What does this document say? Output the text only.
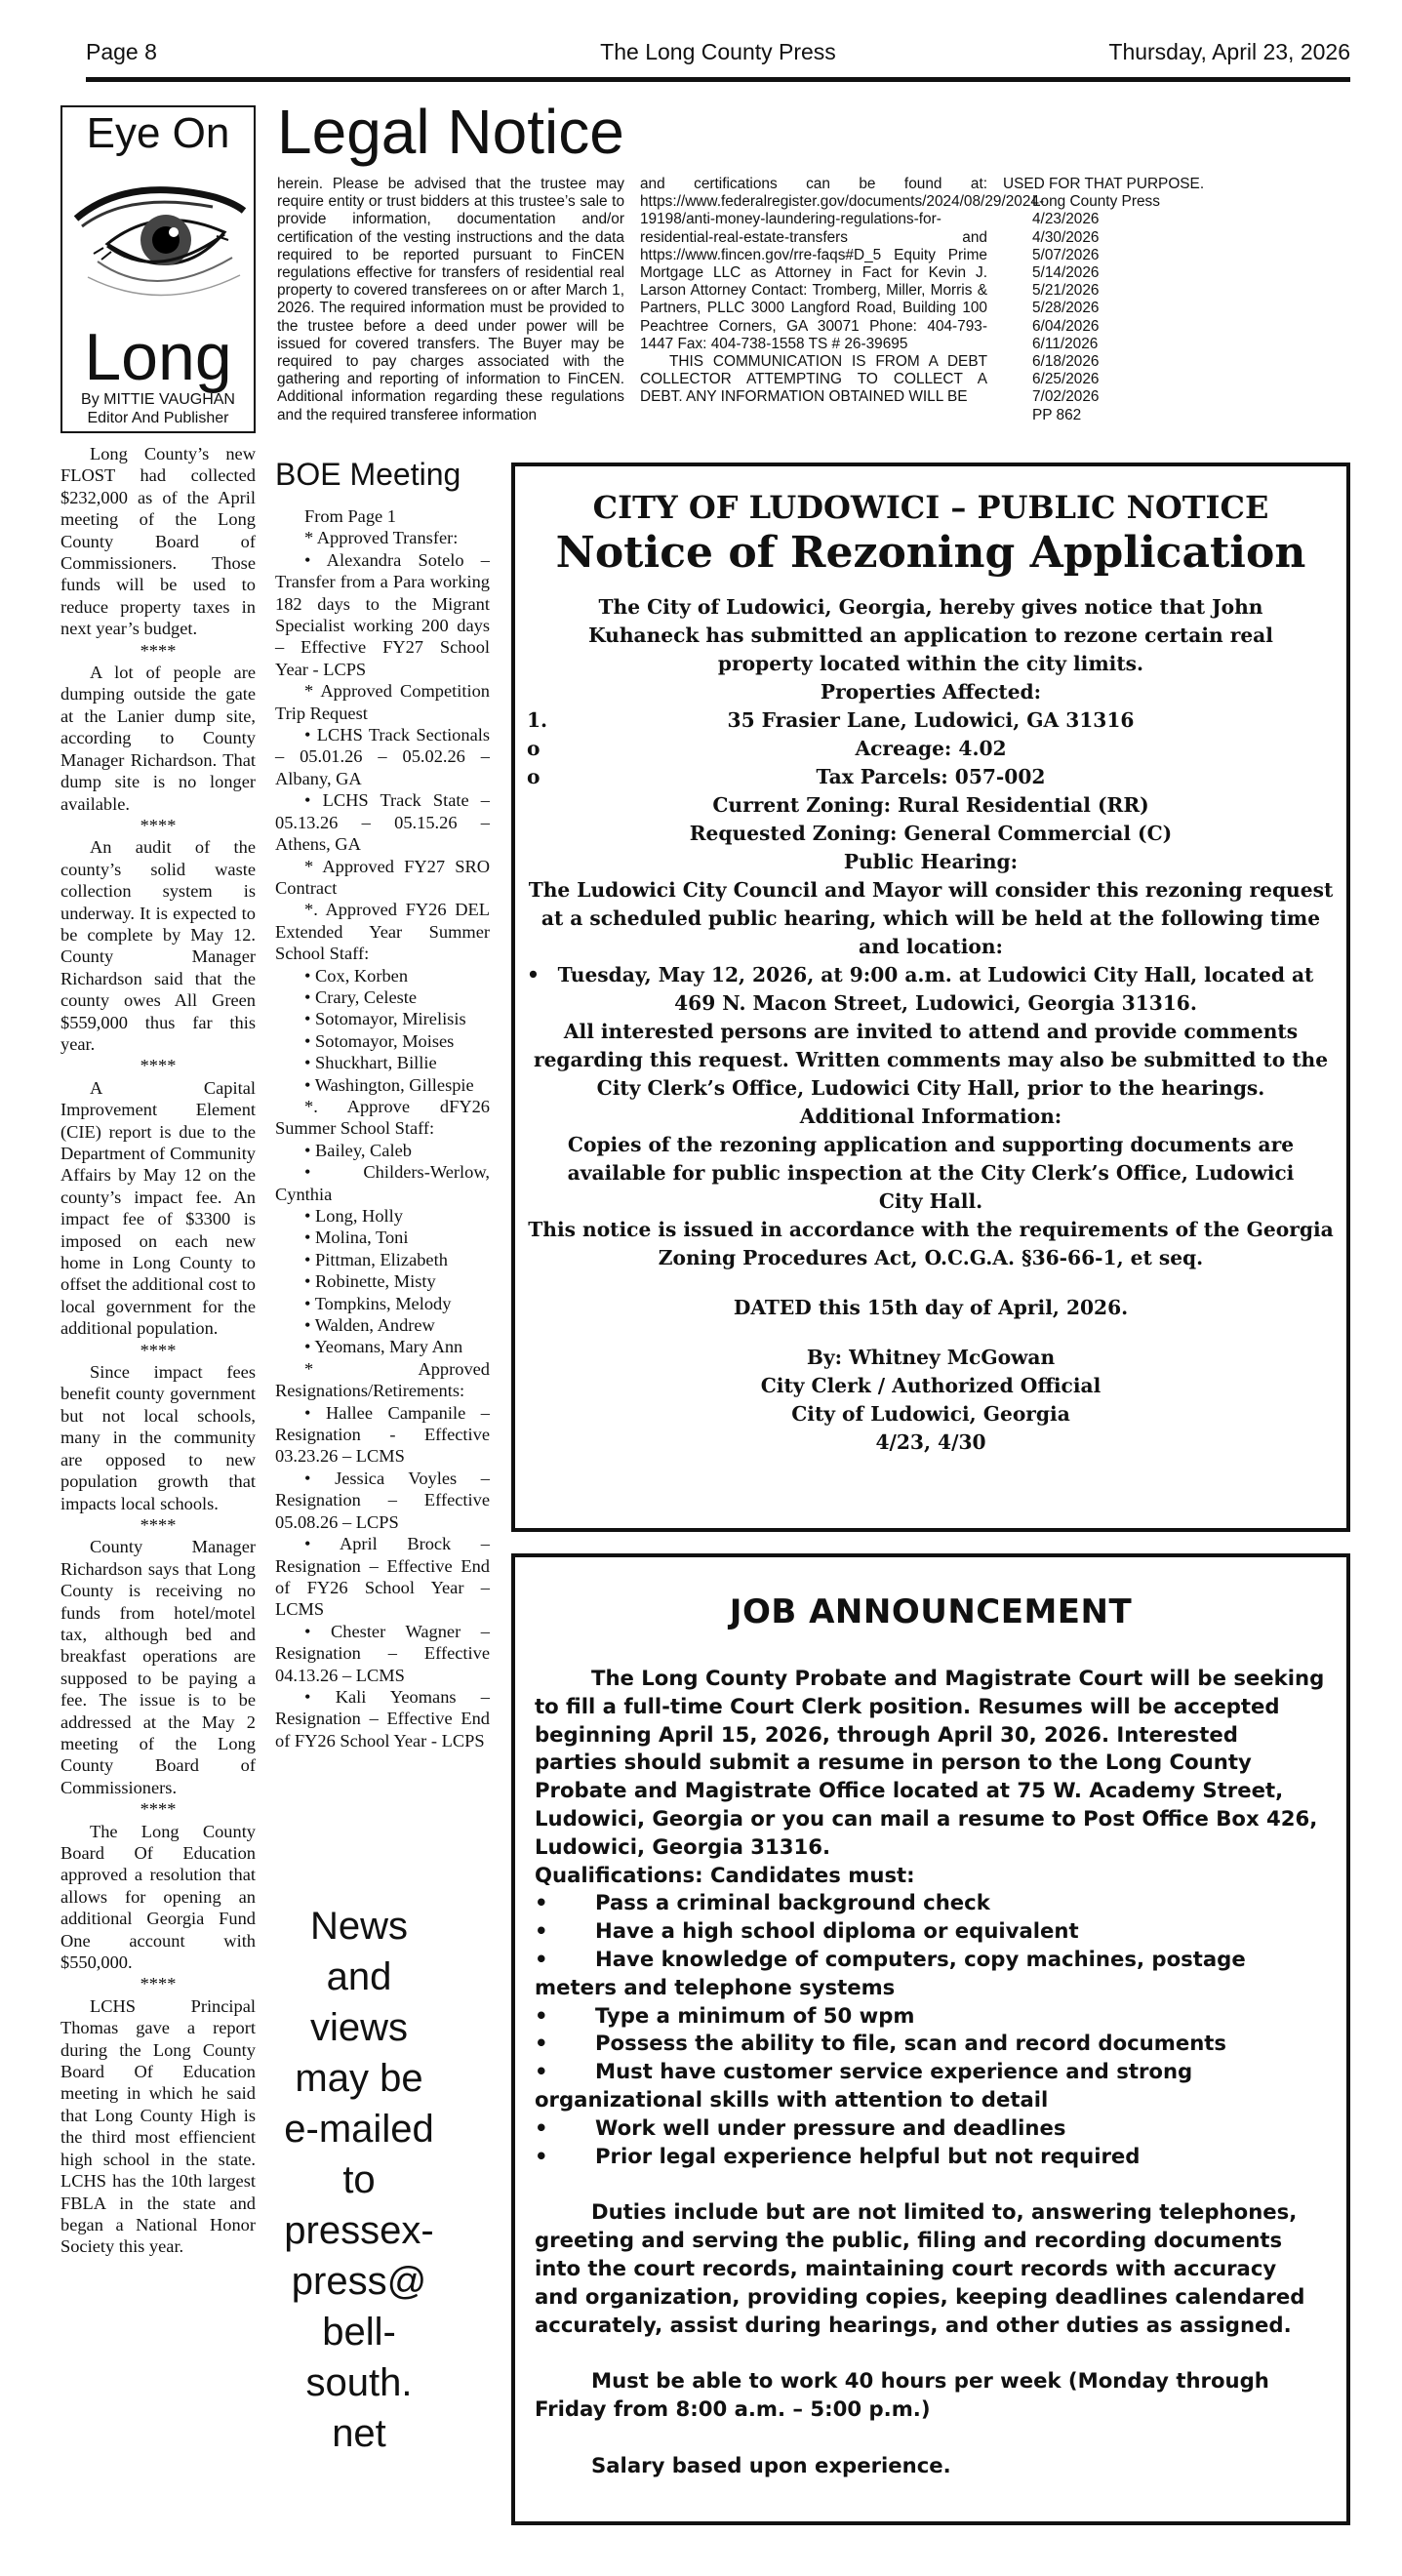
Page 8	The Long County Press	Thursday, April 23, 2026
Eye On
Long
By MITTIE VAUGHAN
Editor And Publisher

Long County’s new FLOST had collected $232,000 as of the April meeting of the Long County Board of Commissioners. Those funds will be used to reduce property taxes in next year’s budget.

****

A lot of people are dumping outside the gate at the Lanier dump site, according to County Manager Richardson. That dump site is no longer available.

****

An audit of the county’s solid waste collection system is underway. It is expected to be complete by May 12. County Manager Richardson said that the county owes All Green $559,000 thus far this year.

****

A Capital Improvement Element (CIE) report is due to the Department of Community Affairs by May 12 on the county’s impact fee. An impact fee of $3300 is imposed on each new home in Long County to offset the additional cost to local government for the additional population.

****

Since impact fees benefit county government but not local schools, many in the community are opposed to new population growth that impacts local schools.

****

County Manager Richardson says that Long County is receiving no funds from hotel/motel tax, although bed and breakfast operations are supposed to be paying a fee. The issue is to be addressed at the May 2 meeting of the Long County Board of Commissioners.

****

The Long County Board Of Education approved a resolution that allows for opening an additional Georgia Fund One account with $550,000.

****

LCHS Principal Thomas gave a report during the Long County Board Of Education meeting in which he said that Long County High is the third most effiencient high school in the state. LCHS has the 10th largest FBLA in the state and began a National Honor Society this year.

Legal Notice

herein. Please be advised that the trustee may require entity or trust bidders at this trustee’s sale to provide information, documentation and/or certification of the vesting instructions and the data required to be reported pursuant to FinCEN regulations effective for transfers of residential real property to covered transferees on or after March 1, 2026. The required information must be provided to the trustee before a deed under power will be issued for covered transfers. The Buyer may be required to pay charges associated with the gathering and reporting of information to FinCEN. Additional information regarding these regulations and the required transferee information

and certifications can be found at: https://www.federalregister.gov/documents/2024/08/29/2024-19198/anti-money-laundering-regulations-for-residential-real-estate-transfers and https://www.fincen.gov/rre-faqs#D_5 Equity Prime Mortgage LLC as Attorney in Fact for Kevin J. Larson Attorney Contact: Tromberg, Miller, Morris & Partners, PLLC 3000 Langford Road, Building 100 Peachtree Corners, GA 30071 Phone: 404-793-1447 Fax: 404-738-1558 TS # 26-39695

THIS COMMUNICATION IS FROM A DEBT COLLECTOR ATTEMPTING TO COLLECT A DEBT. ANY INFORMATION OBTAINED WILL BE

USED FOR THAT PURPOSE.

Long County Press
4/23/2026
4/30/2026
5/07/2026
5/14/2026
5/21/2026
5/28/2026
6/04/2026
6/11/2026
6/18/2026
6/25/2026
7/02/2026
PP 862
BOE Meeting

From Page 1

* Approved Transfer:

• Alexandra Sotelo – Transfer from a Para working 182 days to the Migrant Specialist working 200 days – Effective FY27 School Year - LCPS

* Approved Competition Trip Request

• LCHS Track Sectionals – 05.01.26 – 05.02.26 – Albany, GA

• LCHS Track State – 05.13.26 – 05.15.26 – Athens, GA

* Approved FY27 SRO Contract

*. Approved FY26 DEL Extended Year Summer School Staff:

• Cox, Korben

• Crary, Celeste

• Sotomayor, Mirelisis

• Sotomayor, Moises

• Shuckhart, Billie

• Washington, Gillespie

*. Approve dFY26 Summer School Staff:

• Bailey, Caleb

• Childers-Werlow, Cynthia

• Long, Holly

• Molina, Toni

• Pittman, Elizabeth

• Robinette, Misty

• Tompkins, Melody

• Walden, Andrew

• Yeomans, Mary Ann

* Approved Resignations/Retirements:

• Hallee Campanile – Resignation - Effective 03.23.26 – LCMS

• Jessica Voyles – Resignation – Effective 05.08.26 – LCPS

• April Brock – Resignation – Effective End of FY26 School Year – LCMS

• Chester Wagner – Resignation – Effective 04.13.26 – LCMS

• Kali Yeomans – Resignation – Effective End of FY26 School Year - LCPS

News
and
views
may be
e-mailed
to
pressex-
press@
bell-
south.
net
CITY OF LUDOWICI – PUBLIC NOTICE
Notice of Rezoning Application
The City of Ludowici, Georgia, hereby gives notice that John Kuhaneck has submitted an application to rezone certain real property located within the city limits.
Properties Affected:
1.	35 Frasier Lane, Ludowici, GA 31316
o	Acreage: 4.02
o	Tax Parcels: 057-002
Current Zoning: Rural Residential (RR)
Requested Zoning: General Commercial (C)
Public Hearing:
The Ludowici City Council and Mayor will consider this rezoning request at a scheduled public hearing, which will be held at the following time and location:
• Tuesday, May 12, 2026, at 9:00 a.m. at Ludowici City Hall, located at 469 N. Macon Street, Ludowici, Georgia 31316.
All interested persons are invited to attend and provide comments regarding this request. Written comments may also be submitted to the City Clerk’s Office, Ludowici City Hall, prior to the hearings.
Additional Information:
Copies of the rezoning application and supporting documents are available for public inspection at the City Clerk’s Office, Ludowici City Hall.
This notice is issued in accordance with the requirements of the Georgia Zoning Procedures Act, O.C.G.A. §36-66-1, et seq.
DATED this 15th day of April, 2026.
By: Whitney McGowan
City Clerk / Authorized Official
City of Ludowici, Georgia
4/23, 4/30
JOB ANNOUNCEMENT

The Long County Probate and Magistrate Court will be seeking to fill a full-time Court Clerk position. Resumes will be accepted beginning April 15, 2026, through April 30, 2026. Interested parties should submit a resume in person to the Long County Probate and Magistrate Office located at 75 W. Academy Street, Ludowici, Georgia or you can mail a resume to Post Office Box 426, Ludowici, Georgia 31316.

Qualifications: Candidates must:
• Pass a criminal background check
• Have a high school diploma or equivalent
• Have knowledge of computers, copy machines, postage meters and telephone systems
• Type a minimum of 50 wpm
• Possess the ability to file, scan and record documents
• Must have customer service experience and strong organizational skills with attention to detail
• Work well under pressure and deadlines
• Prior legal experience helpful but not required

Duties include but are not limited to, answering telephones, greeting and serving the public, filing and recording documents into the court records, maintaining court records with accuracy and organization, providing copies, keeping deadlines calendared accurately, assist during hearings, and other duties as assigned.

Must be able to work 40 hours per week (Monday through Friday from 8:00 a.m. – 5:00 p.m.)

Salary based upon experience.
